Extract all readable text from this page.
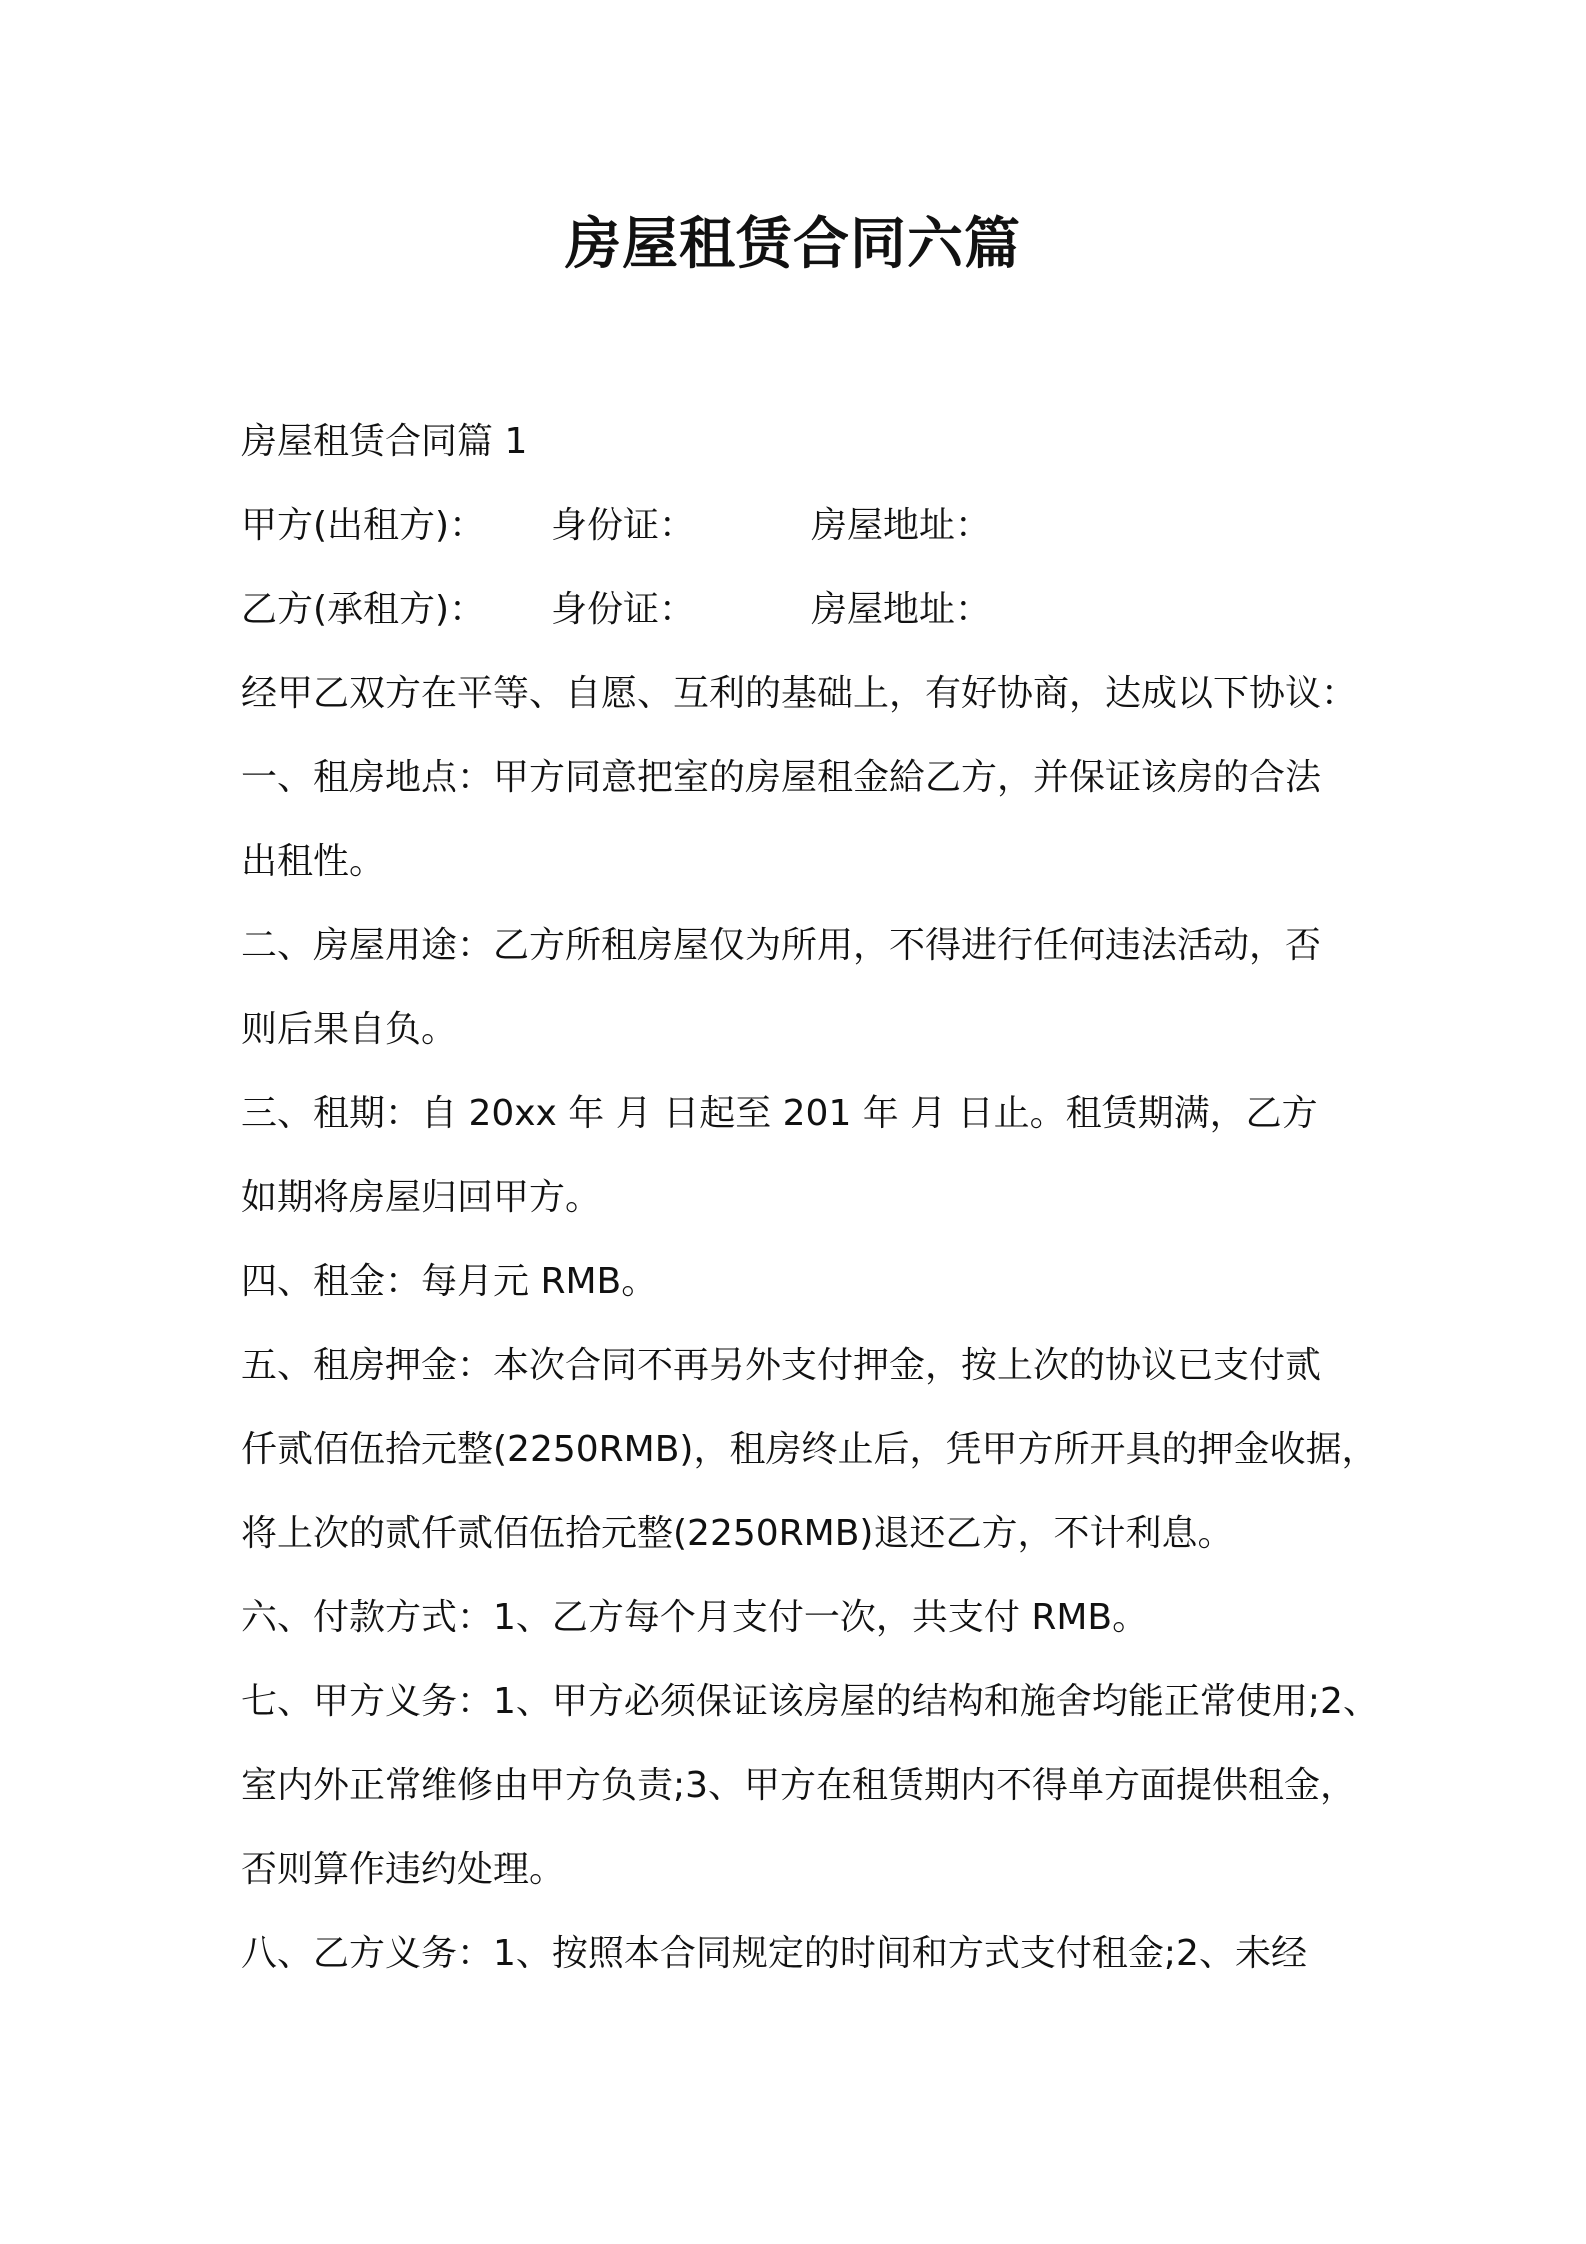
房屋租赁合同六篇
房屋租赁合同篇 1
甲方(出租方)：	身份证：	房屋地址：
乙方(承租方)：	身份证：	房屋地址：
经甲乙双方在平等、自愿、互利的基础上，有好协商，达成以下协议：
一、租房地点：甲方同意把室的房屋租金給乙方，并保证该房的合法
出租性。
二、房屋用途：乙方所租房屋仅为所用，不得进行任何违法活动，否
则后果自负。
三、租期：自 20xx 年 月 日起至 201 年 月 日止。租赁期满，乙方
如期将房屋归回甲方。
四、租金：每月元 RMB。
五、租房押金：本次合同不再另外支付押金，按上次的协议已支付贰
仟贰佰伍拾元整(2250RMB)，租房终止后，凭甲方所开具的押金收据，
将上次的贰仟贰佰伍拾元整(2250RMB)退还乙方，不计利息。
六、付款方式：1、乙方每个月支付一次，共支付 RMB。
七、甲方义务：1、甲方必须保证该房屋的结构和施舍均能正常使用;2、
室内外正常维修由甲方负责;3、甲方在租赁期内不得单方面提供租金，
否则算作违约处理。
八、乙方义务：1、按照本合同规定的时间和方式支付租金;2、未经
